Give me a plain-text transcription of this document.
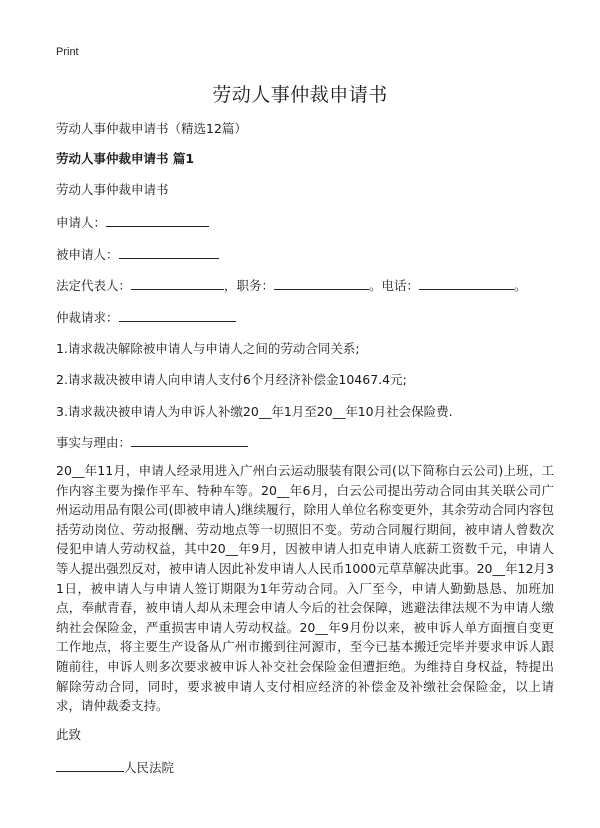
Print
劳动人事仲裁申请书
劳动人事仲裁申请书（精选12篇）
劳动人事仲裁申请书 篇1
劳动人事仲裁申请书
申请人：
被申请人：
法定代表人：	，职务：	。电话：	。
仲裁请求：
1.请求裁决解除被申请人与申请人之间的劳动合同关系;
2.请求裁决被申请人向申请人支付6个月经济补偿金10467.4元;
3.请求裁决被申请人为申诉人补缴20__年1月至20__年10月社会保险费.
事实与理由：
20__年11月，申请人经录用进入广州白云运动服装有限公司(以下简称白云公司)上班，工作内容主要为操作平车、特种车等。20__年6月，白云公司提出劳动合同由其关联公司广州运动用品有限公司(即被申请人)继续履行，除用人单位名称变更外，其余劳动合同内容包括劳动岗位、劳动报酬、劳动地点等一切照旧不变。劳动合同履行期间，被申请人曾数次侵犯申请人劳动权益，其中20__年9月，因被申请人扣克申请人底薪工资数千元，申请人等人提出强烈反对，被申请人因此补发申请人人民币1000元草草解决此事。20__年12月31日，被申请人与申请人签订期限为1年劳动合同。入厂至今，申请人勤勤恳恳、加班加点，奉献青春，被申请人却从未理会申请人今后的社会保障，逃避法律法规不为申请人缴纳社会保险金，严重损害申请人劳动权益。20__年9月份以来，被申诉人单方面擅自变更工作地点，将主要生产设备从广州市搬到往河源市，至今已基本搬迁完毕并要求申诉人跟随前往，申诉人则多次要求被申诉人补交社会保险金但遭拒绝。为维持自身权益，特提出解除劳动合同，同时，要求被申请人支付相应经济的补偿金及补缴社会保险金，以上请求，请仲裁委支持。
此致
人民法院
